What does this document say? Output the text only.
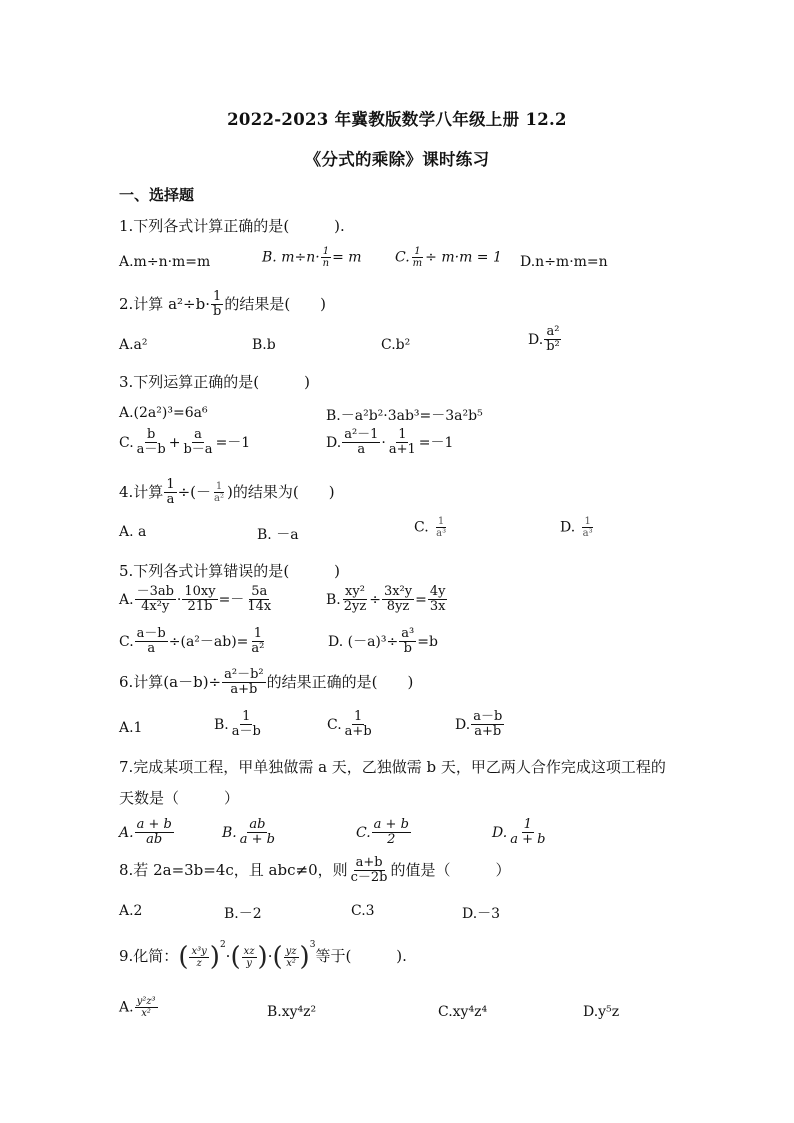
2022-2023 年冀教版数学八年级上册 12.2
《分式的乘除》课时练习
一、选择题
1.下列各式计算正确的是(　　　).
A.m÷n·m=m	B. $m\div n\cdot \frac{1}{n} = m$ C. $\frac{1}{m} \div m\cdot m = 1$ D.n÷m·m=n
2.计算 $a^2\div b\cdot \frac{1}{b}$ 的结果是(　　)
A.a²	B.b	C.b²	D. $\frac{\text{a²}}{\text{b²}}$
3.下列运算正确的是(　　　)
A.(2a²)³=6a⁶	B.－a²b²·3ab³=－3a²b⁵
C. $\frac{b}{a-b} + \frac{a}{b-a} =-1$	D. $\frac{\text{a²－1}}{a} \cdot \frac{1}{a+1} =-1$
4.计算 $\frac{1}{a}$ ÷(－ $\frac{1}{\text{a²}}$ )的结果为(　　)
A. a	B. －a	C. $\frac{1}{\text{a³}}$	D. $\frac{1}{\text{a³}}$
5.下列各式计算错误的是(　　　)
A. $\frac{-3ab}{\text{4x²y}} \cdot \frac{10xy}{21b} =- \frac{5a}{14x}$	B. $\frac{\text{xy²}}{2yz} \div \frac{\text{3x²y}}{8yz} = \frac{4y}{3x}$
C. $\frac{a-b}{a} \div(a^2-ab)= \frac{1}{\text{a²}}$	D. $(-a)^3\div \frac{\text{a³}}{b} =b$
6.计算$(a-b)\div \frac{\text{a²－b²}}{a+b}$ 的结果正确的是(　　)
A.1	B. $\frac{1}{a-b}$	C. $\frac{1}{a+b}$	D. $\frac{a-b}{a+b}$
7.完成某项工程，甲单独做需 a 天，乙独做需 b 天，甲乙两人合作完成这项工程的
天数是（　　　）
A. $\frac{a + b}{ab}$	B. $\frac{ab}{a + b}$	C. $\frac{a + b}{2}$	D. $\frac{1}{a + b}$
8.若 2a=3b=4c，且 abc≠0，则 $\frac{a+b}{c-2b}$ 的值是（　　　）
A.2	B.－2	C.3	D.－3
9.化简：( $\frac{\text{x³y}}{z} )^2\cdot( \frac{xz}{y}$ )·( $\frac{yz}{\text{x²}} )^3$等于(　　　).
A. $\frac{\text{y²z³}}{\text{x²}}$	B.xy⁴z²	C.xy⁴z⁴	D.y⁵z
